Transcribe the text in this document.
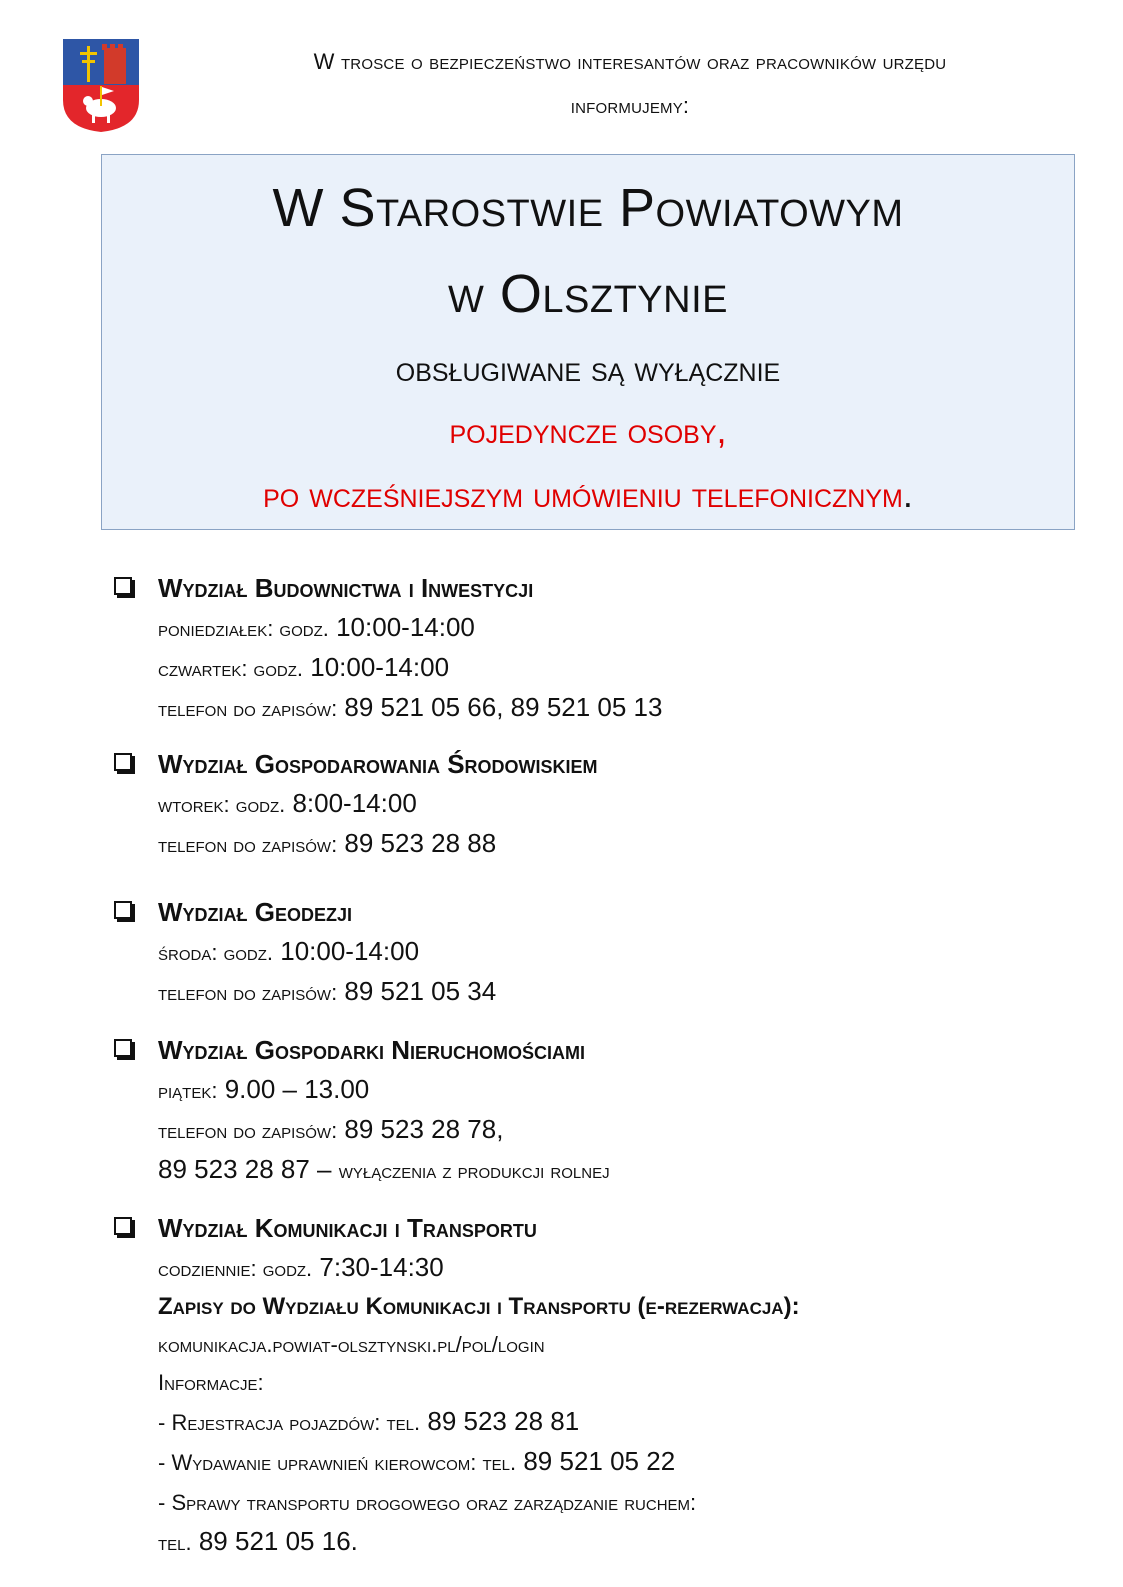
W trosce o bezpieczeństwo interesantów oraz pracowników urzędu
informujemy:
W Starostwie Powiatowym
w Olsztynie
obsługiwane są wyłącznie
pojedyncze osoby,
po wcześniejszym umówieniu telefonicznym.
Wydział Budownictwa i Inwestycji
poniedziałek: godz. 10:00-14:00
czwartek: godz. 10:00-14:00
telefon do zapisów: 89 521 05 66, 89 521 05 13
Wydział Gospodarowania Środowiskiem
wtorek: godz. 8:00-14:00
telefon do zapisów: 89 523 28 88
Wydział Geodezji
środa: godz. 10:00-14:00
telefon do zapisów: 89 521 05 34
Wydział Gospodarki Nieruchomościami
piątek: 9.00 – 13.00
telefon do zapisów: 89 523 28 78,
89 523 28 87 – wyłączenia z produkcji rolnej
Wydział Komunikacji i Transportu
codziennie: godz. 7:30-14:30
Zapisy do Wydziału Komunikacji i Transportu (e-rezerwacja):
komunikacja.powiat-olsztynski.pl/pol/login
Informacje:
- Rejestracja pojazdów: tel. 89 523 28 81
- Wydawanie uprawnień kierowcom: tel. 89 521 05 22
- Sprawy transportu drogowego oraz zarządzanie ruchem:
tel. 89 521 05 16.
